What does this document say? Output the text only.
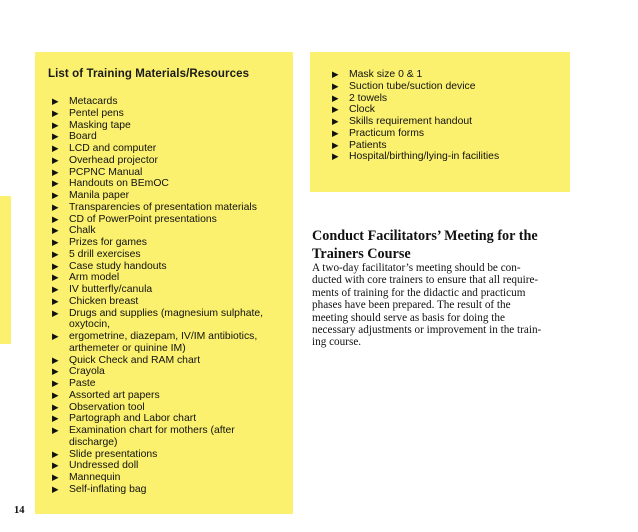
List of Training Materials/Resources
▶ Metacards
▶ Pentel pens
▶ Masking tape
▶ Board
▶ LCD and computer
▶ Overhead projector
▶ PCPNC Manual
▶ Handouts on BEmOC
▶ Manila paper
▶ Transparencies of presentation materials
▶ CD of PowerPoint presentations
▶ Chalk
▶ Prizes for games
▶ 5 drill exercises
▶ Case study handouts
▶ Arm model
▶ IV butterfly/canula
▶ Chicken breast
▶ Drugs and supplies (magnesium sulphate,
oxytocin,
▶ ergometrine, diazepam, IV/IM antibiotics,
arthemeter or quinine IM)
▶ Quick Check and RAM chart
▶ Crayola
▶ Paste
▶ Assorted art papers
▶ Observation tool
▶ Partograph and Labor chart
▶ Examination chart for mothers (after
discharge)
▶ Slide presentations
▶ Undressed doll
▶ Mannequin
▶ Self-inflating bag
▶ Mask size 0 & 1
▶ Suction tube/suction device
▶ 2 towels
▶ Clock
▶ Skills requirement handout
▶ Practicum forms
▶ Patients
▶ Hospital/birthing/lying-in facilities
Conduct Facilitators’ Meeting for the
Trainers Course
A two-day facilitator’s meeting should be con-
ducted with core trainers to ensure that all require-
ments of training for the didactic and practicum
phases have been prepared. The result of the
meeting should serve as basis for doing the
necessary adjustments or improvement in the train-
ing course.
14
